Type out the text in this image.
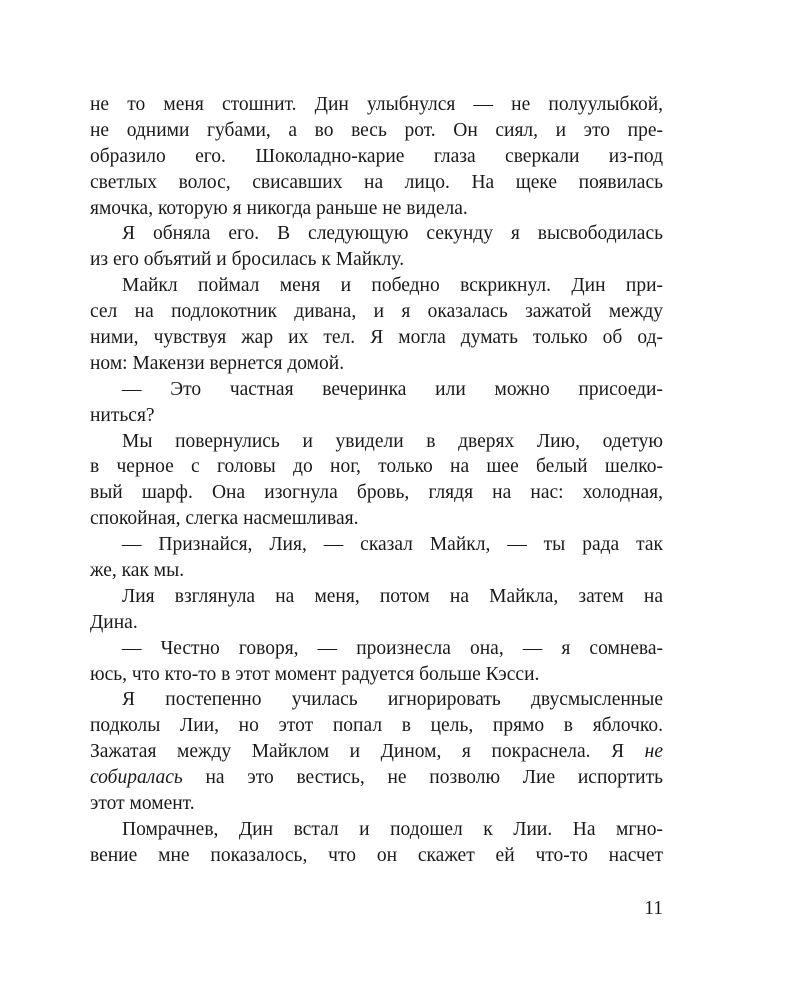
не то меня стошнит. Дин улыбнулся — не полуулыбкой,
не одними губами, а во весь рот. Он сиял, и это пре-
образило его. Шоколадно-карие глаза сверкали из-под
светлых волос, свисавших на лицо. На щеке появилась
ямочка, которую я никогда раньше не видела.
Я обняла его. В следующую секунду я высвободилась
из его объятий и бросилась к Майклу.
Майкл поймал меня и победно вскрикнул. Дин при-
сел на подлокотник дивана, и я оказалась зажатой между
ними, чувствуя жар их тел. Я могла думать только об од-
ном: Макензи вернется домой.
— Это частная вечеринка или можно присоеди-
ниться?
Мы повернулись и увидели в дверях Лию, одетую
в черное с головы до ног, только на шее белый шелко-
вый шарф. Она изогнула бровь, глядя на нас: холодная,
спокойная, слегка насмешливая.
— Признайся, Лия, — сказал Майкл, — ты рада так
же, как мы.
Лия взглянула на меня, потом на Майкла, затем на
Дина.
— Честно говоря, — произнесла она, — я сомнева-
юсь, что кто-то в этот момент радуется больше Кэсси.
Я постепенно училась игнорировать двусмысленные
подколы Лии, но этот попал в цель, прямо в яблочко.
Зажатая между Майклом и Дином, я покраснела. Я не
собиралась на это вестись, не позволю Лие испортить
этот момент.
Помрачнев, Дин встал и подошел к Лии. На мгно-
вение мне показалось, что он скажет ей что-то насчет
11
